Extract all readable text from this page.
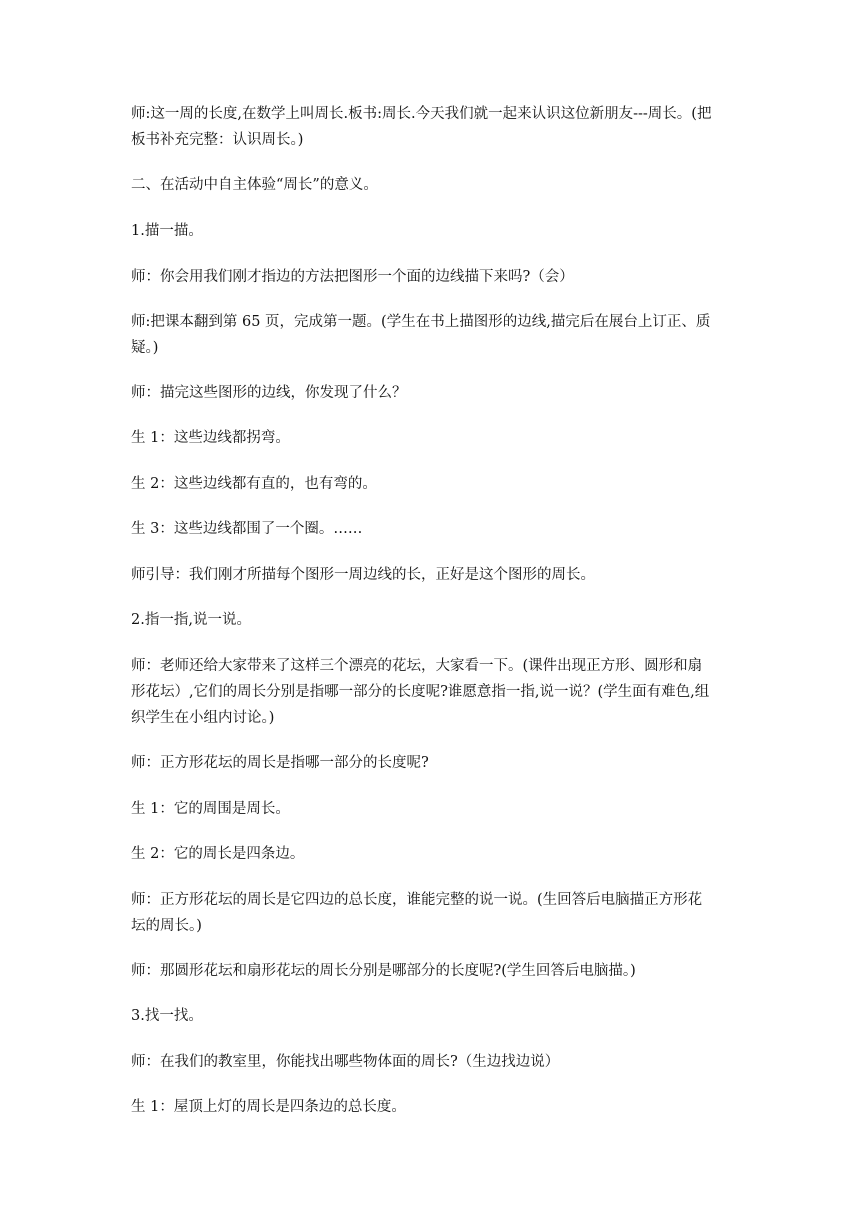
师:这一周的长度,在数学上叫周长.板书:周长.今天我们就一起来认识这位新朋友---周长。(把
板书补充完整：认识周长。)

二、在活动中自主体验“周长”的意义。

1.描一描。

师：你会用我们刚才指边的方法把图形一个面的边线描下来吗?（会）

师:把课本翻到第 65 页，完成第一题。(学生在书上描图形的边线,描完后在展台上订正、质
疑。)

师：描完这些图形的边线，你发现了什么？

生 1：这些边线都拐弯。

生 2：这些边线都有直的，也有弯的。

生 3：这些边线都围了一个圈。……

师引导：我们刚才所描每个图形一周边线的长，正好是这个图形的周长。

2.指一指,说一说。

师：老师还给大家带来了这样三个漂亮的花坛，大家看一下。(课件出现正方形、圆形和扇
形花坛）,它们的周长分别是指哪一部分的长度呢?谁愿意指一指,说一说？(学生面有难色,组
织学生在小组内讨论。)

师：正方形花坛的周长是指哪一部分的长度呢?

生 1：它的周围是周长。

生 2：它的周长是四条边。

师：正方形花坛的周长是它四边的总长度，谁能完整的说一说。(生回答后电脑描正方形花
坛的周长。)

师：那圆形花坛和扇形花坛的周长分别是哪部分的长度呢?(学生回答后电脑描。)

3.找一找。

师：在我们的教室里，你能找出哪些物体面的周长?（生边找边说）

生 1：屋顶上灯的周长是四条边的总长度。
